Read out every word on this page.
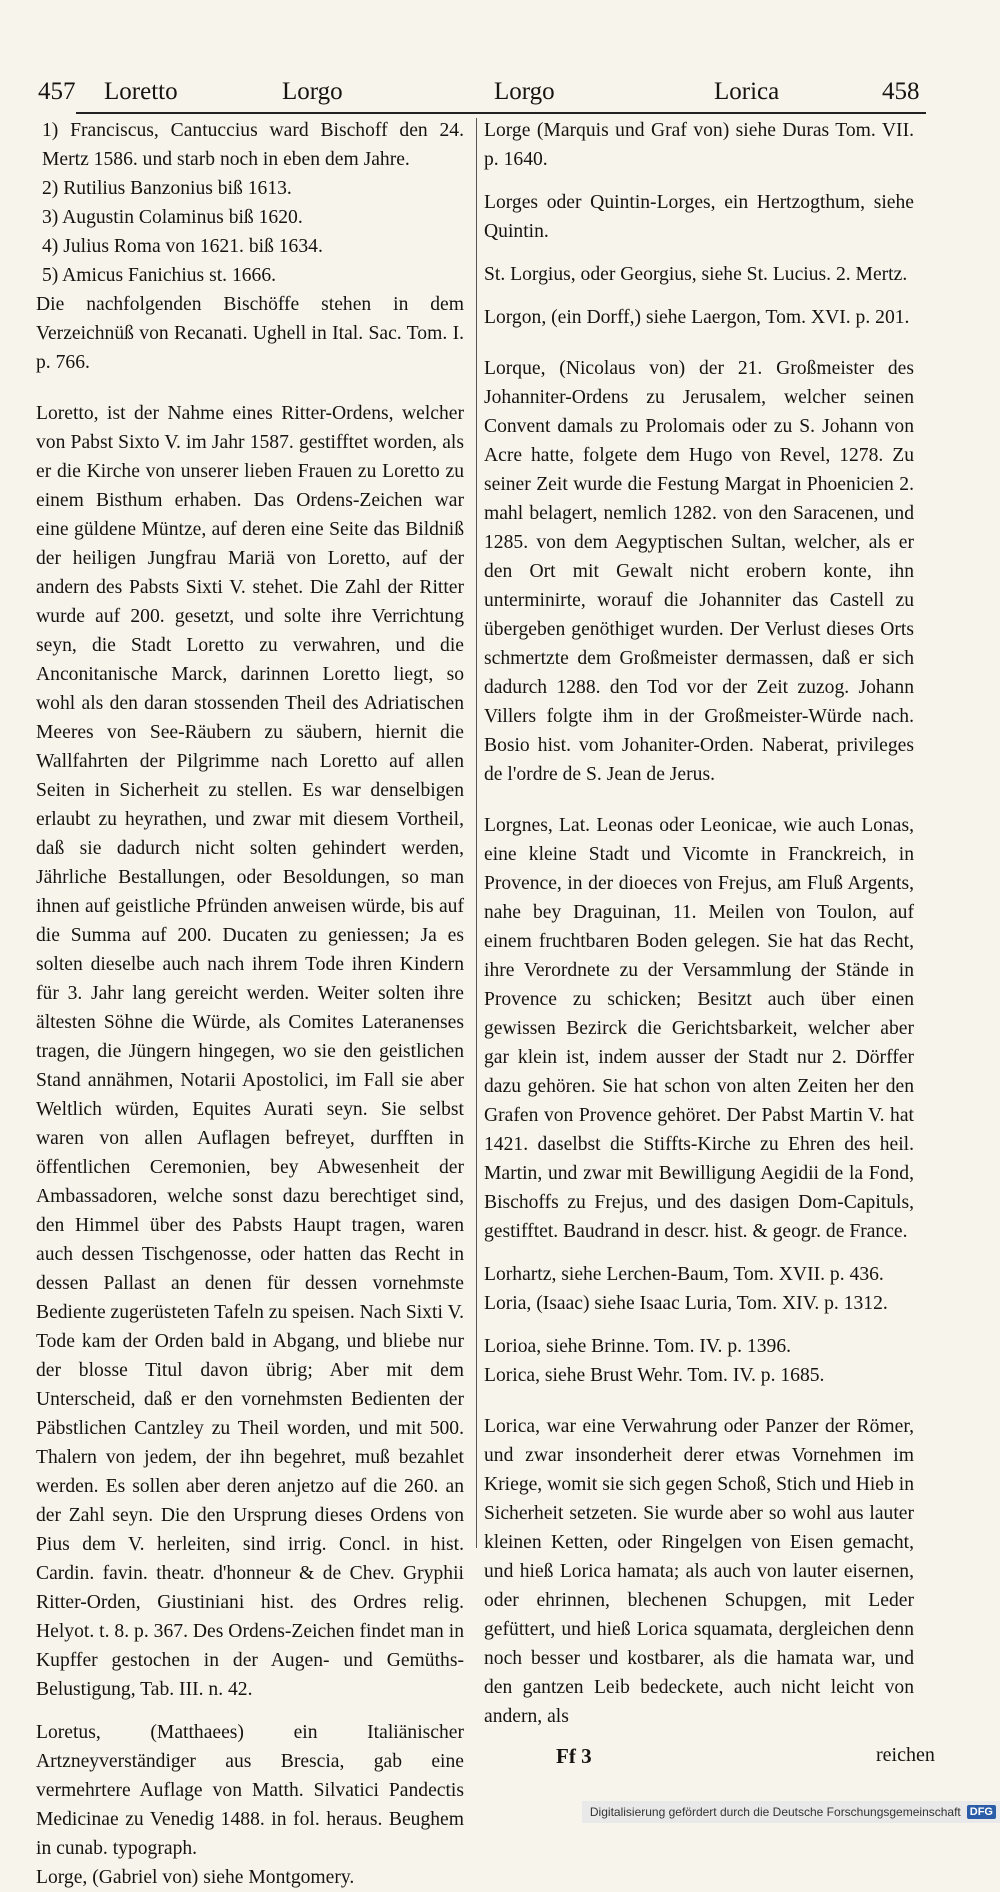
457 Loretto	Lorgo	Lorgo	Lorica	458

1) Franciscus, Cantuccius ward Bischoff den 24. Mertz 1586. und starb noch in eben dem Jahre.

2) Rutilius Banzonius biß 1613.

3) Augustin Colaminus biß 1620.

4) Julius Roma von 1621. biß 1634.

5) Amicus Fanichius st. 1666.

Die nachfolgenden Bischöffe stehen in dem Verzeichnüß von Recanati. Ughell in Ital. Sac. Tom. I. p. 766.

Loretto, ist der Nahme eines Ritter-Ordens, welcher von Pabst Sixto V. im Jahr 1587. gestifftet worden, als er die Kirche von unserer lieben Frauen zu Loretto zu einem Bisthum erhaben. Das Ordens-Zeichen war eine güldene Müntze, auf deren eine Seite das Bildniß der heiligen Jungfrau Mariä von Loretto, auf der andern des Pabsts Sixti V. stehet. Die Zahl der Ritter wurde auf 200. gesetzt, und solte ihre Verrichtung seyn, die Stadt Loretto zu verwahren, und die Anconitanische Marck, darinnen Loretto liegt, so wohl als den daran stossenden Theil des Adriatischen Meeres von See-Räubern zu säubern, hiernit die Wallfahrten der Pilgrimme nach Loretto auf allen Seiten in Sicherheit zu stellen. Es war denselbigen erlaubt zu heyrathen, und zwar mit diesem Vortheil, daß sie dadurch nicht solten gehindert werden, Jährliche Bestallungen, oder Besoldungen, so man ihnen auf geistliche Pfründen anweisen würde, bis auf die Summa auf 200. Ducaten zu geniessen; Ja es solten dieselbe auch nach ihrem Tode ihren Kindern für 3. Jahr lang gereicht werden. Weiter solten ihre ältesten Söhne die Würde, als Comites Lateranenses tragen, die Jüngern hingegen, wo sie den geistlichen Stand annähmen, Notarii Apostolici, im Fall sie aber Weltlich würden, Equites Aurati seyn. Sie selbst waren von allen Auflagen befreyet, durfften in öffentlichen Ceremonien, bey Abwesenheit der Ambassadoren, welche sonst dazu berechtiget sind, den Himmel über des Pabsts Haupt tragen, waren auch dessen Tischgenosse, oder hatten das Recht in dessen Pallast an denen für dessen vornehmste Bediente zugerüsteten Tafeln zu speisen. Nach Sixti V. Tode kam der Orden bald in Abgang, und bliebe nur der blosse Titul davon übrig; Aber mit dem Unterscheid, daß er den vornehmsten Bedienten der Päbstlichen Cantzley zu Theil worden, und mit 500. Thalern von jedem, der ihn begehret, muß bezahlet werden. Es sollen aber deren anjetzo auf die 260. an der Zahl seyn. Die den Ursprung dieses Ordens von Pius dem V. herleiten, sind irrig. Concl. in hist. Cardin. favin. theatr. d'honneur & de Chev. Gryphii Ritter-Orden, Giustiniani hist. des Ordres relig. Helyot. t. 8. p. 367. Des Ordens-Zeichen findet man in Kupffer gestochen in der Augen- und Gemüths-Belustigung, Tab. III. n. 42.

Loretus, (Matthaees) ein Italiänischer Artzneyverständiger aus Brescia, gab eine vermehrtere Auflage von Matth. Silvatici Pandectis Medicinae zu Venedig 1488. in fol. heraus. Beughem in cunab. typograph.

Lorge, (Gabriel von) siehe Montgomery.

Lorge (Marquis und Graf von) siehe Duras Tom. VII. p. 1640.

Lorges oder Quintin-Lorges, ein Hertzogthum, siehe Quintin.

St. Lorgius, oder Georgius, siehe St. Lucius. 2. Mertz.

Lorgon, (ein Dorff,) siehe Laergon, Tom. XVI. p. 201.

Lorque, (Nicolaus von) der 21. Großmeister des Johanniter-Ordens zu Jerusalem, welcher seinen Convent damals zu Prolomais oder zu S. Johann von Acre hatte, folgete dem Hugo von Revel, 1278. Zu seiner Zeit wurde die Festung Margat in Phoenicien 2. mahl belagert, nemlich 1282. von den Saracenen, und 1285. von dem Aegyptischen Sultan, welcher, als er den Ort mit Gewalt nicht erobern konte, ihn unterminirte, worauf die Johanniter das Castell zu übergeben genöthiget wurden. Der Verlust dieses Orts schmertzte dem Großmeister dermassen, daß er sich dadurch 1288. den Tod vor der Zeit zuzog. Johann Villers folgte ihm in der Großmeister-Würde nach. Bosio hist. vom Johaniter-Orden. Naberat, privileges de l'ordre de S. Jean de Jerus.

Lorgnes, Lat. Leonas oder Leonicae, wie auch Lonas, eine kleine Stadt und Vicomte in Franckreich, in Provence, in der dioeces von Frejus, am Fluß Argents, nahe bey Draguinan, 11. Meilen von Toulon, auf einem fruchtbaren Boden gelegen. Sie hat das Recht, ihre Verordnete zu der Versammlung der Stände in Provence zu schicken; Besitzt auch über einen gewissen Bezirck die Gerichtsbarkeit, welcher aber gar klein ist, indem ausser der Stadt nur 2. Dörffer dazu gehören. Sie hat schon von alten Zeiten her den Grafen von Provence gehöret. Der Pabst Martin V. hat 1421. daselbst die Stiffts-Kirche zu Ehren des heil. Martin, und zwar mit Bewilligung Aegidii de la Fond, Bischoffs zu Frejus, und des dasigen Dom-Capituls, gestifftet. Baudrand in descr. hist. & geogr. de France.

Lorhartz, siehe Lerchen-Baum, Tom. XVII. p. 436.

Loria, (Isaac) siehe Isaac Luria, Tom. XIV. p. 1312.

Lorioa, siehe Brinne. Tom. IV. p. 1396.

Lorica, siehe Brust Wehr. Tom. IV. p. 1685.

Lorica, war eine Verwahrung oder Panzer der Römer, und zwar insonderheit derer etwas Vornehmen im Kriege, womit sie sich gegen Schoß, Stich und Hieb in Sicherheit setzeten. Sie wurde aber so wohl aus lauter kleinen Ketten, oder Ringelgen von Eisen gemacht, und hieß Lorica hamata; als auch von lauter eisernen, oder ehrinnen, blechenen Schupgen, mit Leder gefüttert, und hieß Lorica squamata, dergleichen denn noch besser und kostbarer, als die hamata war, und den gantzen Leib bedeckete, auch nicht leicht von andern, als

Ff 3	reichen
Digitalisierung gefördert durch die Deutsche Forschungsgemeinschaft DFG
